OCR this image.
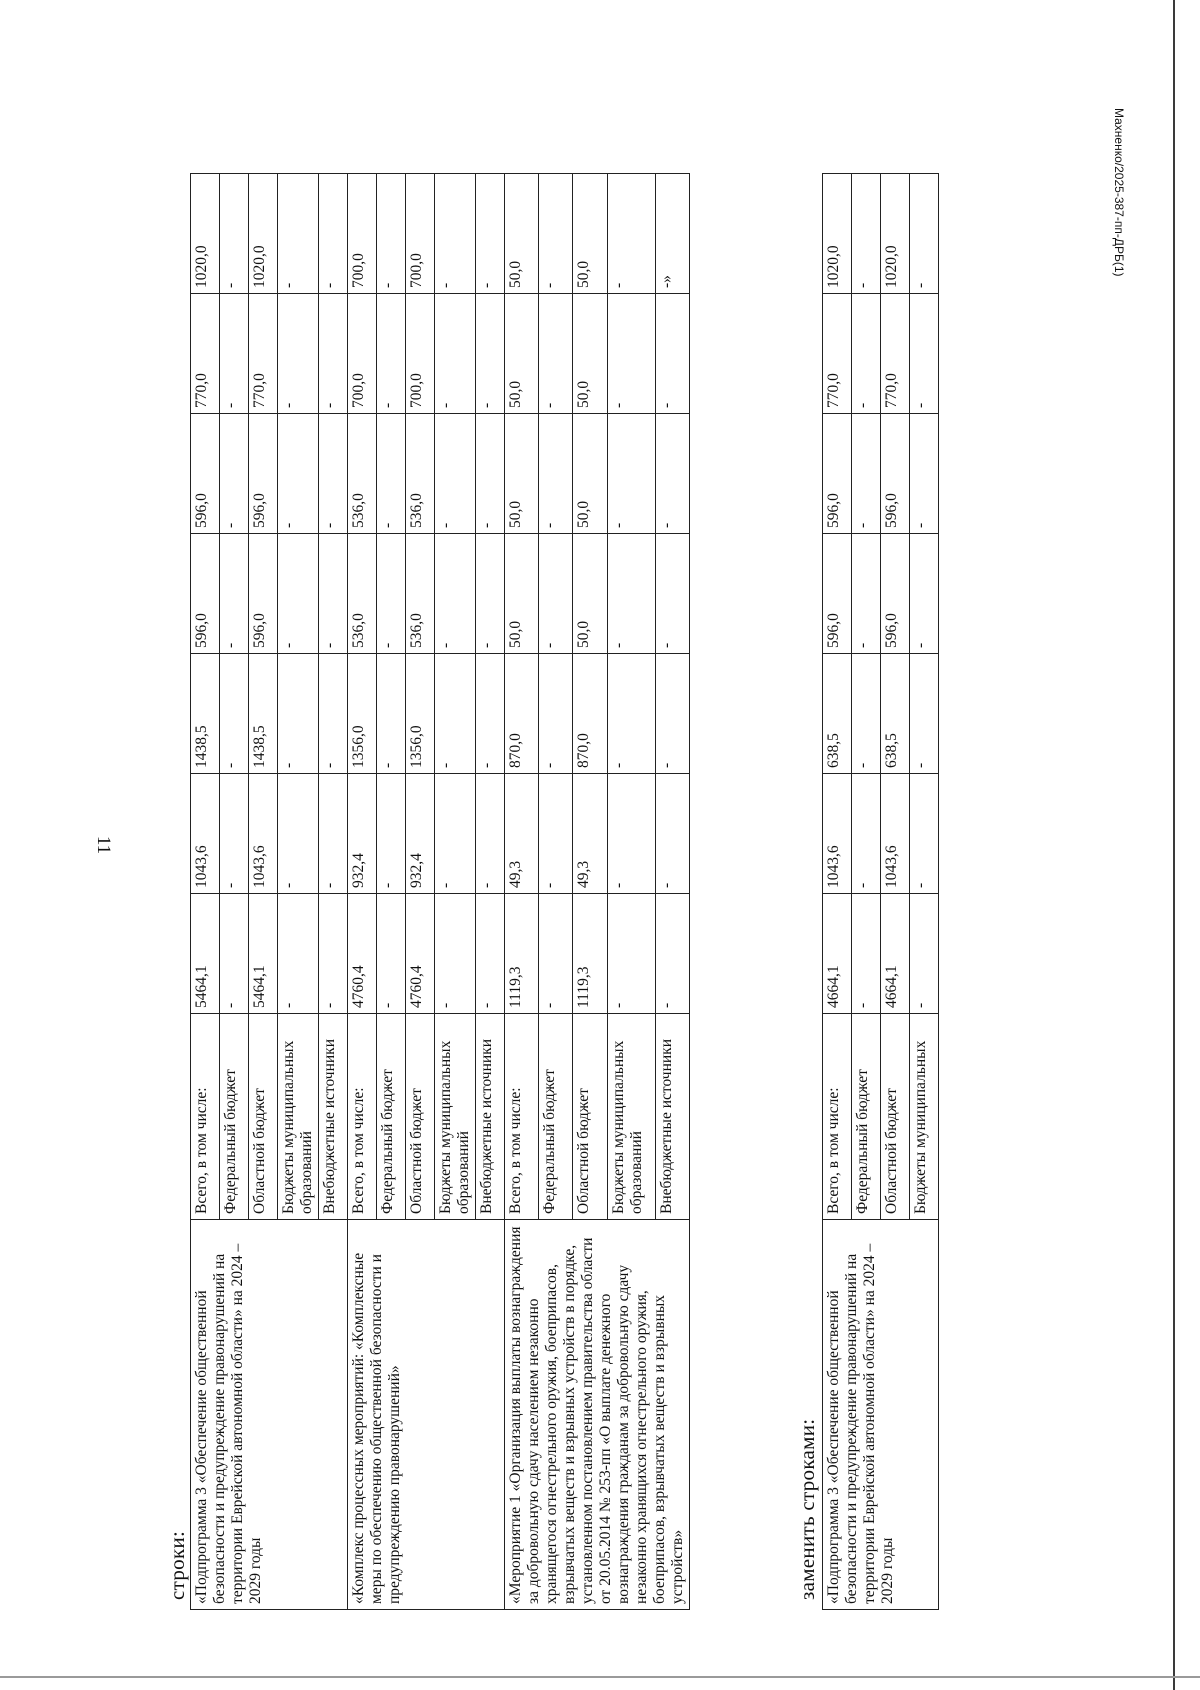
11

строки: «Подпрограмма 3 «Обеспечение общественной безопасности и предупреждение правонарушений на территории Еврейской автономной области» на 2024 – 2029 годы	Всего, в том числе:	5464,1	1043,6	1438,5	596,0	596,0	770,0	1020,0
	Федеральный бюджет	-	-	-	-	-	-	-
	Областной бюджет	5464,1	1043,6	1438,5	596,0	596,0	770,0	1020,0
	Бюджеты муниципальных образований	-	-	-	-	-	-	-
	Внебюджетные источники	-	-	-	-	-	-	-
«Комплекс процессных мероприятий: «Комплексные меры по обеспечению общественной безопасности и предупреждению правонарушений»	Всего, в том числе:	4760,4	932,4	1356,0	536,0	536,0	700,0	700,0
	Федеральный бюджет	-	-	-	-	-	-	-
	Областной бюджет	4760,4	932,4	1356,0	536,0	536,0	700,0	700,0
	Бюджеты муниципальных образований	-	-	-	-	-	-	-
	Внебюджетные источники	-	-	-	-	-	-	-
«Мероприятие 1 «Организация выплаты вознаграждения за добровольную сдачу населением незаконно хранящегося огнестрельного оружия, боеприпасов, взрывчатых веществ и взрывных устройств в порядке, установленном постановлением правительства области от 20.05.2014 № 253-пп «О выплате денежного вознаграждения гражданам за добровольную сдачу незаконно хранящихся огнестрельного оружия, боеприпасов, взрывчатых веществ и взрывных устройств»	Всего, в том числе:	1119,3	49,3	870,0	50,0	50,0	50,0	50,0
	Федеральный бюджет	-	-	-	-	-	-	-
	Областной бюджет	1119,3	49,3	870,0	50,0	50,0	50,0	50,0
	Бюджеты муниципальных образований	-	-	-	-	-	-	-
	Внебюджетные источники	-	-	-	-	-	-	-»

заменить строками: «Подпрограмма 3 «Обеспечение общественной безопасности и предупреждение правонарушений на территории Еврейской автономной области» на 2024 – 2029 годы	Всего, в том числе:	4664,1	1043,6	638,5	596,0	596,0	770,0	1020,0
	Федеральный бюджет	-	-	-	-	-	-	-
	Областной бюджет	4664,1	1043,6	638,5	596,0	596,0	770,0	1020,0
	Бюджеты муниципальных	-	-	-	-	-	-	-
Махненко/2025-387-пп-ДРБ(1)
